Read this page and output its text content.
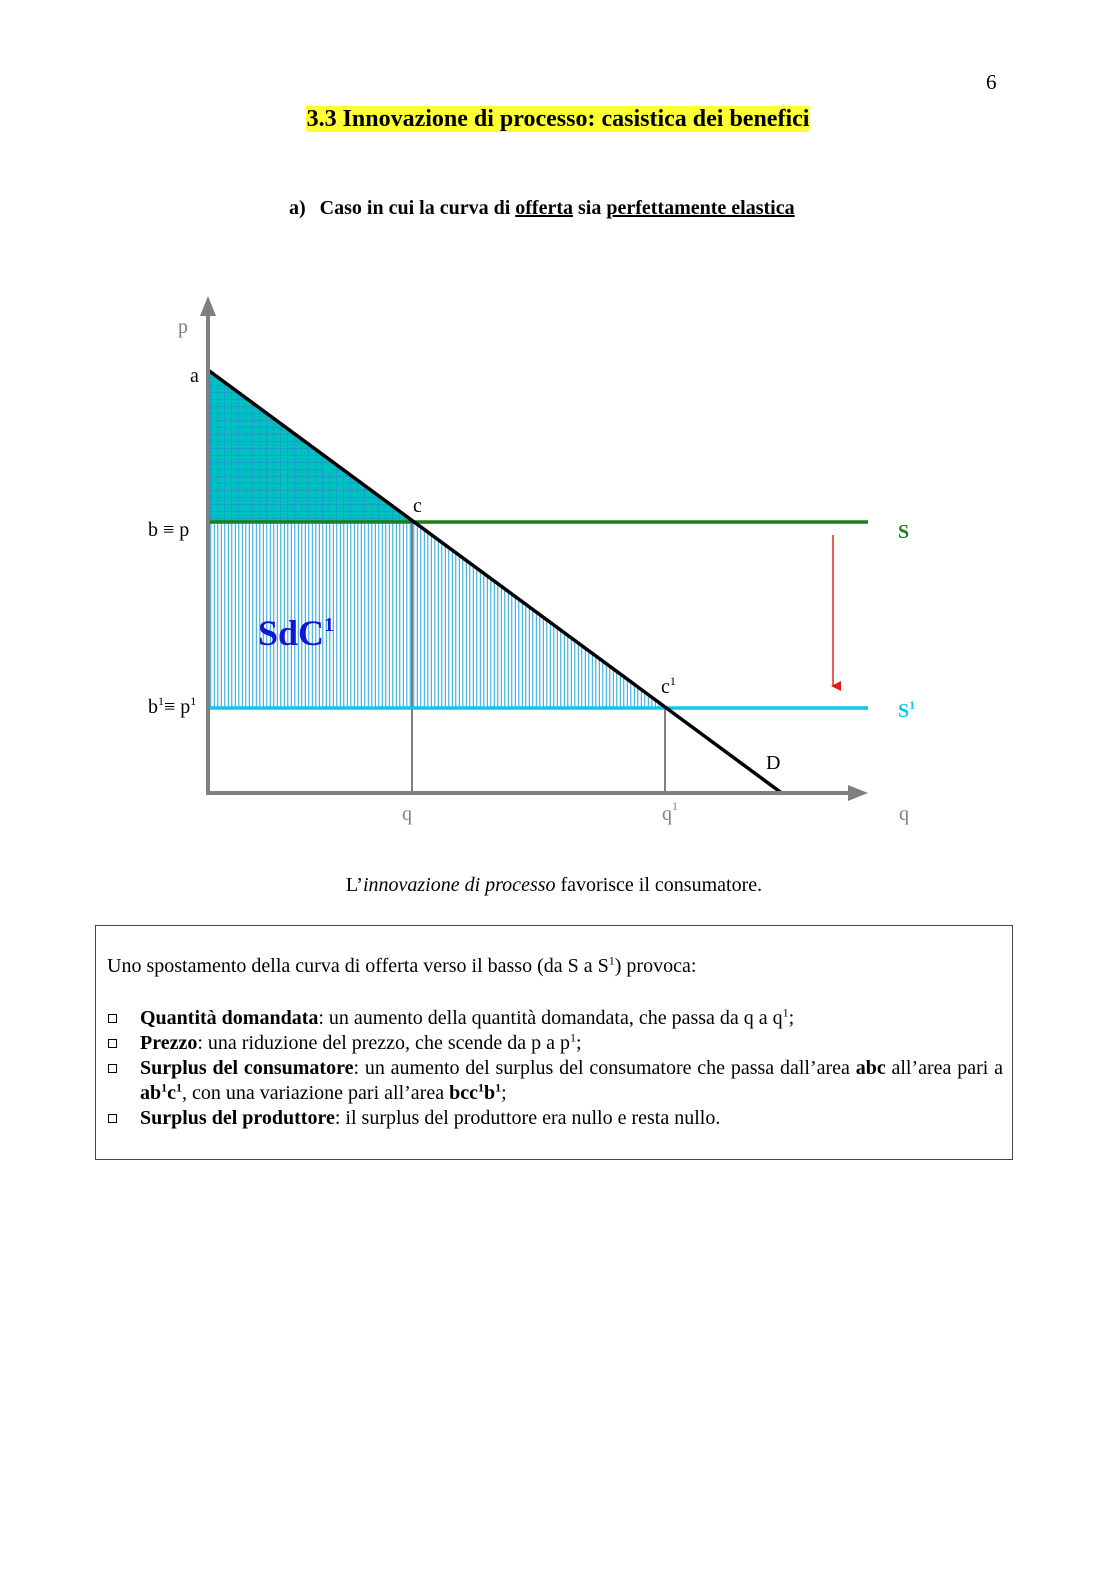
6
3.3 Innovazione di processo: casistica dei benefici
a) Caso in cui la curva di offerta sia perfettamente elastica
p
q
a
b ≡ p
$b^1\equiv p^1$
c
$c^1$
D
S
$S^1$
SdC$^1$
q	$q^1$
L’innovazione di processo favorisce il consumatore.
Uno spostamento della curva di offerta verso il basso (da S a $S^1$) provoca:
Quantità domandata: un aumento della quantità domandata, che passa da q a $q^1$;
Prezzo: una riduzione del prezzo, che scende da p a $p^1$;
Surplus del consumatore: un aumento del surplus del consumatore che passa dall’area abc all’area pari a $ab^1c^1$, con una variazione pari all’area $bcc^1b^1$;
Surplus del produttore: il surplus del produttore era nullo e resta nullo.
